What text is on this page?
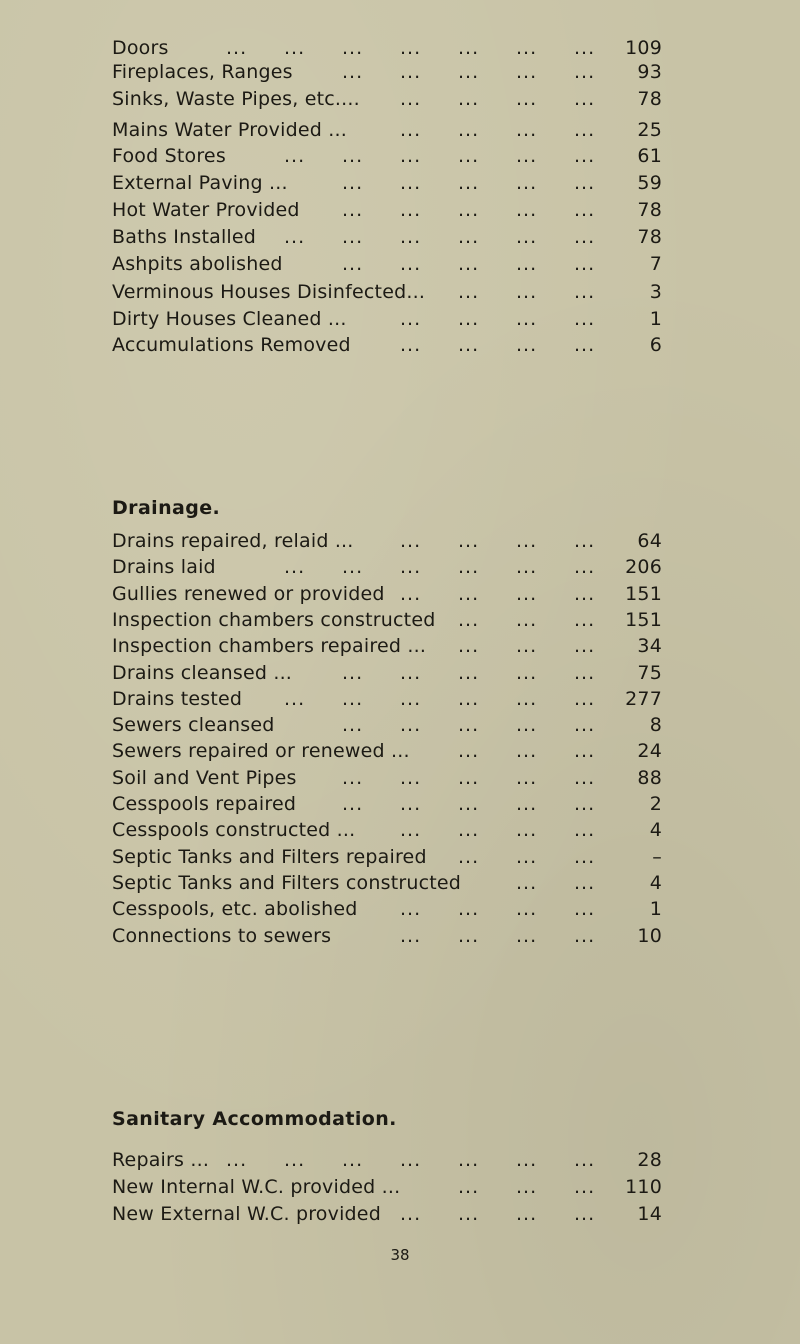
Doors	109
... ... ... ... ... ... ...
Fireplaces, Ranges	93
... ... ... ... ...
Sinks, Waste Pipes, etc....	78
... ... ... ...
Mains Water Provided ...	25
... ... ... ...
Food Stores	61
... ... ... ... ... ...
External Paving ...	59
... ... ... ... ...
Hot Water Provided	78
... ... ... ... ...
Baths Installed	78
... ... ... ... ... ...
Ashpits abolished	7
... ... ... ... ...
Verminous Houses Disinfected...	3
... ... ...
Dirty Houses Cleaned ...	1
... ... ... ...
Accumulations Removed	6
... ... ... ...
Drainage.
Drains repaired, relaid ...	64
... ... ... ...
Drains laid	206
... ... ... ... ... ...
Gullies renewed or provided	151
... ... ... ...
Inspection chambers constructed	151
... ... ...
Inspection chambers repaired ...	34
... ... ...
Drains cleansed ...	75
... ... ... ... ...
Drains tested	277
... ... ... ... ... ...
Sewers cleansed	8
... ... ... ... ...
Sewers repaired or renewed ...	24
... ... ...
Soil and Vent Pipes	88
... ... ... ... ...
Cesspools repaired	2
... ... ... ... ...
Cesspools constructed ...	4
... ... ... ...
Septic Tanks and Filters repaired	–
... ... ...
Septic Tanks and Filters constructed	4
... ...
Cesspools, etc. abolished	1
... ... ... ...
Connections to sewers	10
... ... ... ...
Sanitary Accommodation.
Repairs ...	28
... ... ... ... ... ... ...
New Internal W.C. provided ...	110
... ... ...
New External W.C. provided	14
... ... ... ...
38
